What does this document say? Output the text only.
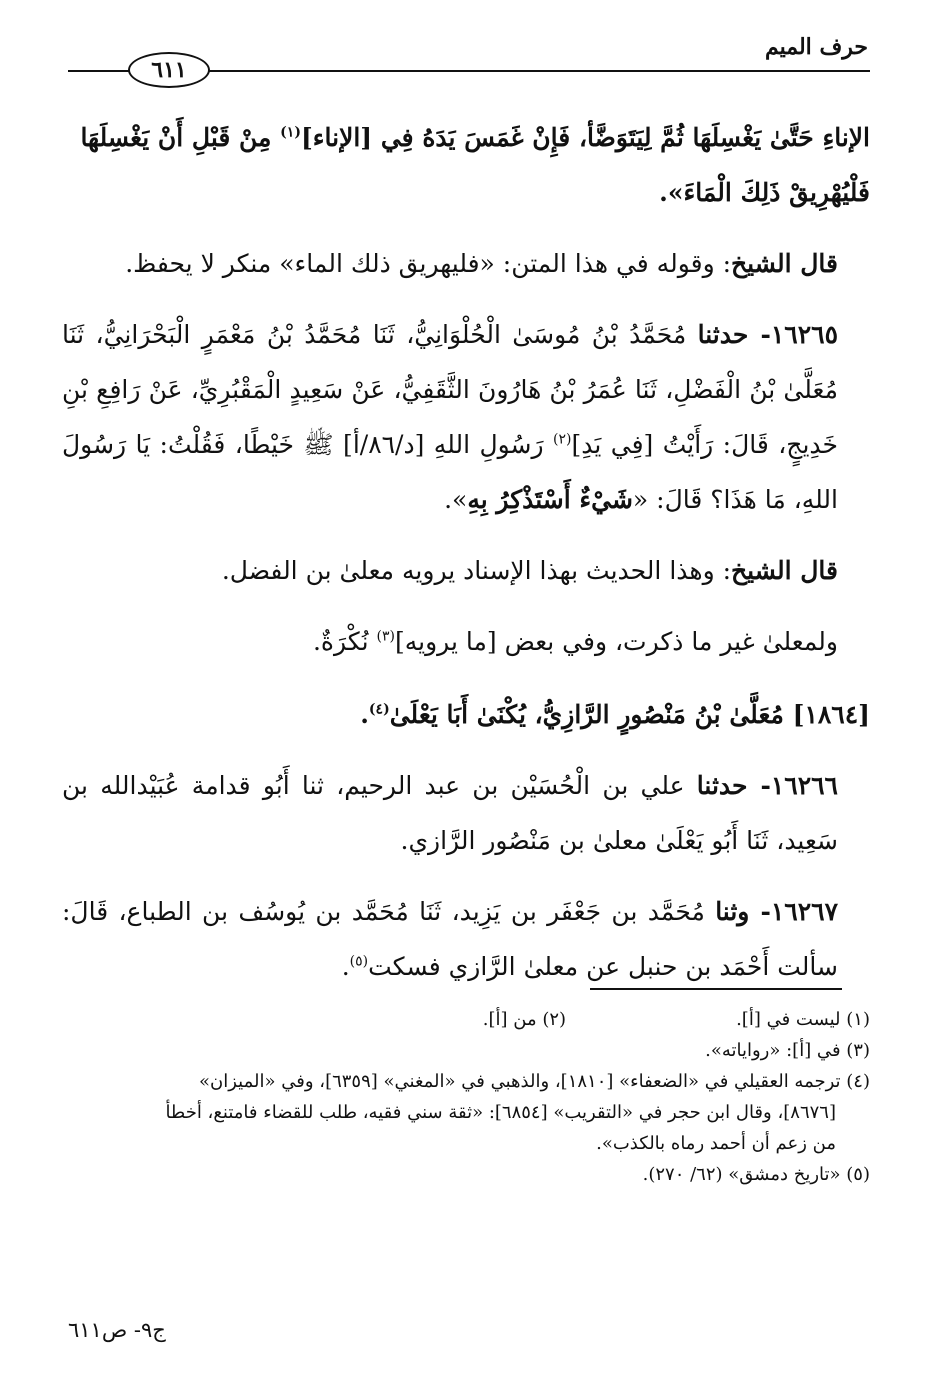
حرف الميم
٦١١

الإناءِ حَتَّىٰ يَغْسِلَهَا ثُمَّ لِيَتَوَضَّأ، فَإِنْ غَمَسَ يَدَهُ فِي [الإناء]$^{(١)}$ مِنْ قَبْلِ أَنْ يَغْسِلَهَا
فَلْيُهْرِيقْ ذَلِكَ الْمَاءَ».

قال الشيخ: وقوله في هذا المتن: «فليهريق ذلك الماء» منكر لا يحفظ.

١٦٢٦٥- حدثنا مُحَمَّدُ بْنُ مُوسَىٰ الْحُلْوَانِيُّ، ثَنَا مُحَمَّدُ بْنُ مَعْمَرٍ الْبَحْرَانِيُّ، ثَنَا مُعَلَّىٰ بْنُ الْفَضْلِ، ثَنَا عُمَرُ بْنُ هَارُونَ الثَّقَفِيُّ، عَنْ سَعِيدٍ الْمَقْبُرِيِّ، عَنْ رَافِعِ بْنِ خَدِيجٍ، قَالَ: رَأَيْتُ [فِي يَدِ]$^{(٢)}$ رَسُولِ اللهِ [د/٨٦/أ] ﷺ خَيْطًا، فَقُلْتُ: يَا رَسُولَ اللهِ، مَا هَذَا؟ قَالَ: «شَيْءٌ أَسْتَذْكِرُ بِهِ».

قال الشيخ: وهذا الحديث بهذا الإسناد يرويه معلىٰ بن الفضل.

ولمعلىٰ غير ما ذكرت، وفي بعض [ما يرويه]$^{(٣)}$ نُكْرَةٌ.

[١٨٦٤] مُعَلَّىٰ بْنُ مَنْصُورٍ الرَّازِيُّ، يُكْنَىٰ أَبَا يَعْلَىٰ$^{(٤)}$.

١٦٢٦٦- حدثنا علي بن الْحُسَيْن بن عبد الرحيم، ثنا أَبُو قدامة عُبَيْدالله بن سَعِيد، ثَنَا أَبُو يَعْلَىٰ معلىٰ بن مَنْصُور الرَّازي.

١٦٢٦٧- وثنا مُحَمَّد بن جَعْفَر بن يَزِيد، ثَنَا مُحَمَّد بن يُوسُف بن الطباع، قَالَ: سألت أَحْمَد بن حنبل عن معلىٰ الرَّازي فسكت$^{(٥)}$.

(١) ليست في [أ].

(٢) من [أ].

(٣) في [أ]: «رواياته».

(٤) ترجمه العقيلي في «الضعفاء» [١٨١٠]، والذهبي في «المغني» [٦٣٥٩]، وفي «الميزان»
[٨٦٧٦]، وقال ابن حجر في «التقريب» [٦٨٥٤]: «ثقة سني فقيه، طلب للقضاء فامتنع، أخطأ
من زعم أن أحمد رماه بالكذب».

(٥) «تاريخ دمشق» (٦٢/ ٢٧٠).

ج٩- ص٦١١
